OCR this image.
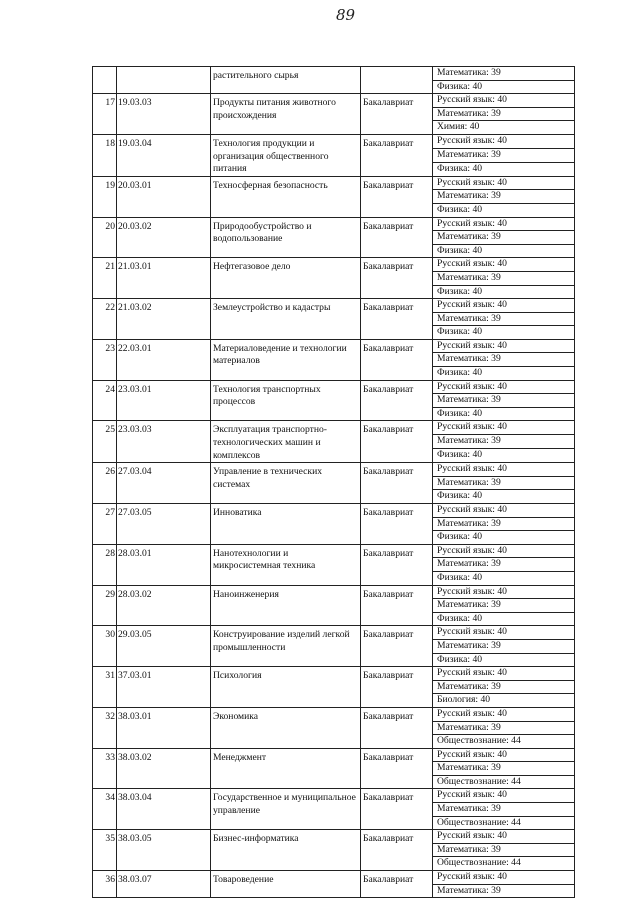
89
		растительного сырья		Математика: 39
				Физика: 40
17	19.03.03	Продукты питания животного происхождения	Бакалавриат	Русский язык: 40
				Математика: 39
				Химия: 40
18	19.03.04	Технология продукции и организация общественного питания	Бакалавриат	Русский язык: 40
				Математика: 39
				Физика: 40
19	20.03.01	Техносферная безопасность	Бакалавриат	Русский язык: 40
				Математика: 39
				Физика: 40
20	20.03.02	Природообустройство и водопользование	Бакалавриат	Русский язык: 40
				Математика: 39
				Физика: 40
21	21.03.01	Нефтегазовое дело	Бакалавриат	Русский язык: 40
				Математика: 39
				Физика: 40
22	21.03.02	Землеустройство и кадастры	Бакалавриат	Русский язык: 40
				Математика: 39
				Физика: 40
23	22.03.01	Материаловедение и технологии материалов	Бакалавриат	Русский язык: 40
				Математика: 39
				Физика: 40
24	23.03.01	Технология транспортных процессов	Бакалавриат	Русский язык: 40
				Математика: 39
				Физика: 40
25	23.03.03	Эксплуатация транспортно-технологических машин и комплексов	Бакалавриат	Русский язык: 40
				Математика: 39
				Физика: 40
26	27.03.04	Управление в технических системах	Бакалавриат	Русский язык: 40
				Математика: 39
				Физика: 40
27	27.03.05	Инноватика	Бакалавриат	Русский язык: 40
				Математика: 39
				Физика: 40
28	28.03.01	Нанотехнологии и микросистемная техника	Бакалавриат	Русский язык: 40
				Математика: 39
				Физика: 40
29	28.03.02	Наноинженерия	Бакалавриат	Русский язык: 40
				Математика: 39
				Физика: 40
30	29.03.05	Конструирование изделий легкой промышленности	Бакалавриат	Русский язык: 40
				Математика: 39
				Физика: 40
31	37.03.01	Психология	Бакалавриат	Русский язык: 40
				Математика: 39
				Биология: 40
32	38.03.01	Экономика	Бакалавриат	Русский язык: 40
				Математика: 39
				Обществознание: 44
33	38.03.02	Менеджмент	Бакалавриат	Русский язык: 40
				Математика: 39
				Обществознание: 44
34	38.03.04	Государственное и муниципальное управление	Бакалавриат	Русский язык: 40
				Математика: 39
				Обществознание: 44
35	38.03.05	Бизнес-информатика	Бакалавриат	Русский язык: 40
				Математика: 39
				Обществознание: 44
36	38.03.07	Товароведение	Бакалавриат	Русский язык: 40
				Математика: 39
